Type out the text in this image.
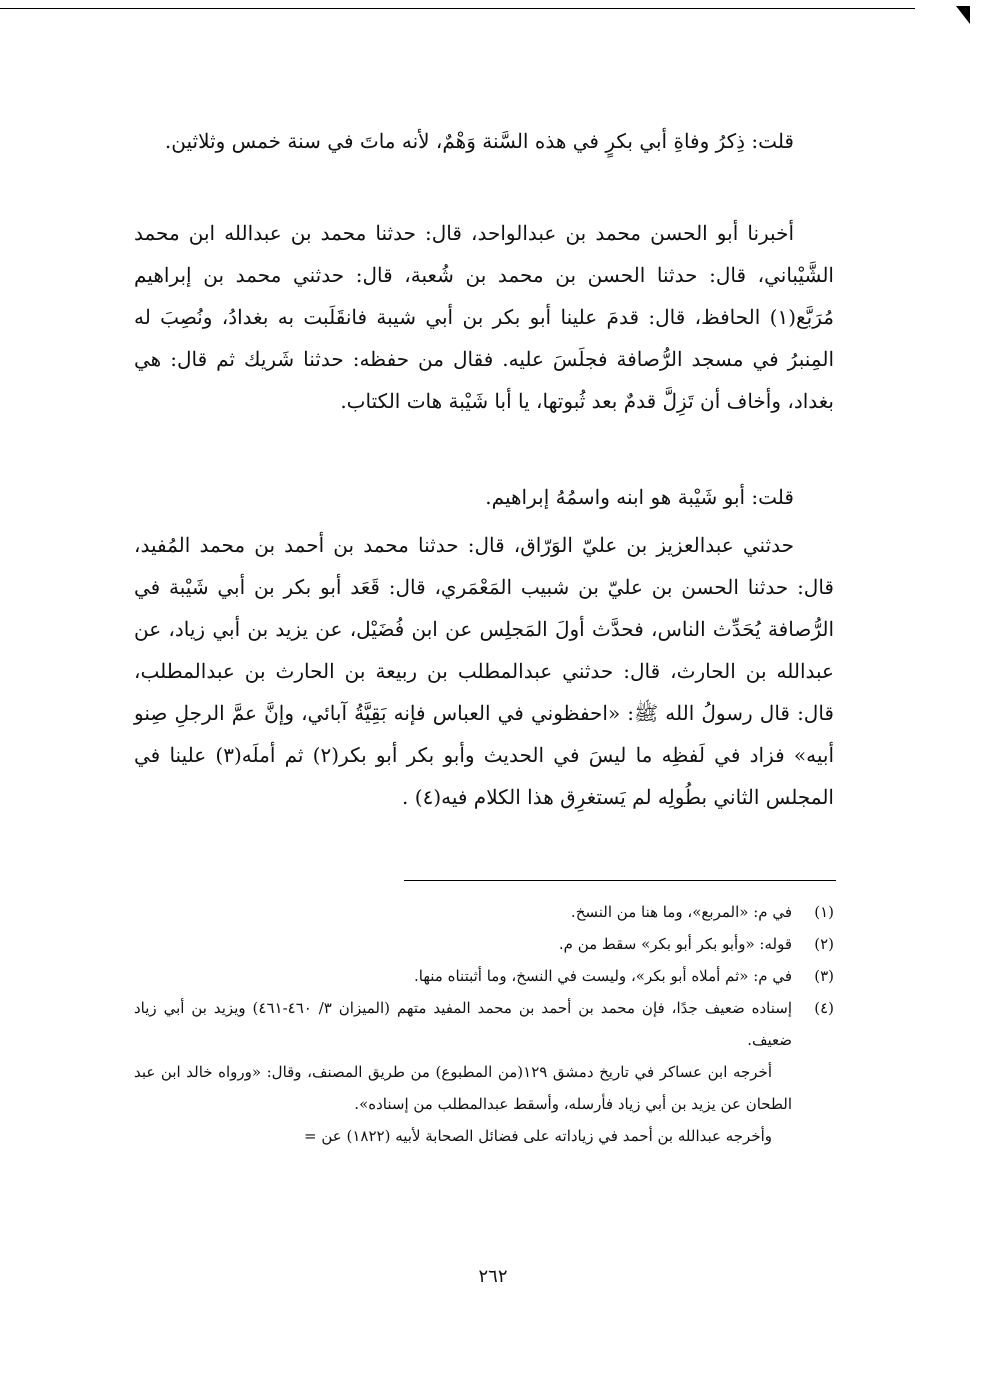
قلت: ذِكرُ وفاةِ أبي بكرٍ في هذه السَّنة وَهْمٌ، لأنه ماتَ في سنة خمس وثلاثين.

أخبرنا أبو الحسن محمد بن عبدالواحد، قال: حدثنا محمد بن عبدالله ابن محمد الشَّيْباني، قال: حدثنا الحسن بن محمد بن شُعبة، قال: حدثني محمد بن إبراهيم مُرَبَّع(١) الحافظ، قال: قدمَ علينا أبو بكر بن أبي شيبة فانقَلَبت به بغدادُ، ونُصِبَ له المِنبرُ في مسجد الرُّصافة فجلَسَ عليه. فقال من حفظه: حدثنا شَريك ثم قال: هي بغداد، وأخاف أن تَزِلَّ قدمٌ بعد ثُبوتها، يا أبا شَيْبة هات الكتاب.

قلت: أبو شَيْبة هو ابنه واسمُهُ إبراهيم.

حدثني عبدالعزيز بن عليّ الوَرّاق، قال: حدثنا محمد بن أحمد بن محمد المُفيد، قال: حدثنا الحسن بن عليّ بن شبيب المَعْمَري، قال: قَعَد أبو بكر بن أبي شَيْبة في الرُّصافة يُحَدِّث الناس، فحدَّث أولَ المَجلِس عن ابن فُضَيْل، عن يزيد بن أبي زياد، عن عبدالله بن الحارث، قال: حدثني عبدالمطلب بن ربيعة بن الحارث بن عبدالمطلب، قال: قال رسولُ الله ﷺ: «احفظوني في العباس فإنه بَقِيَّةُ آبائي، وإنَّ عمَّ الرجلِ صِنو أبيه» فزاد في لَفظِه ما ليسَ في الحديث وأبو بكر أبو بكر(٢) ثم أملَه(٣) علينا في المجلس الثاني بطُولِه لم يَستغرِق هذا الكلام فيه(٤) .

(١)
في م: «المربع»، وما هنا من النسخ.
(٢)
قوله: «وأبو بكر أبو بكر» سقط من م.
(٣)
في م: «ثم أملاه أبو بكر»، وليست في النسخ، وما أثبتناه منها.
(٤)
إسناده ضعيف جدًا، فإن محمد بن أحمد بن محمد المفيد متهم (الميزان ٣/ ٤٦٠-٤٦١) ويزيد بن أبي زياد ضعيف.
أخرجه ابن عساكر في تاريخ دمشق ١٢٩(من المطبوع) من طريق المصنف، وقال: «ورواه خالد ابن عبد الطحان عن يزيد بن أبي زياد فأرسله، وأسقط عبدالمطلب من إسناده».
وأخرجه عبدالله بن أحمد في زياداته على فضائل الصحابة لأبيه (١٨٢٢) عن =
٢٦٢
